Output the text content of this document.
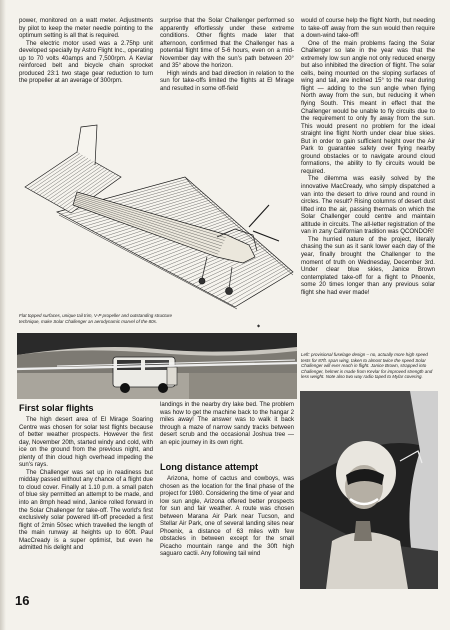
power, monitored on a watt meter. Adjustments by pilot to keep the meter needle pointing to the optimum setting is all that is required.

The electric motor used was a 2.75hp unit developed specially by Astro Flight Inc., operating up to 70 volts 40amps and 7,500rpm. A Kevlar reinforced belt and bicycle chain sprocket produced 23:1 two stage gear reduction to turn the propeller at an average of 300rpm.

surprise that the Solar Challenger performed so apparently effortlessly under these extreme conditions. Other flights made later that afternoon, confirmed that the Challenger has a potential flight time of 5-6 hours, even on a mid-November day with the sun's path between 20° and 35° above the horizon.

High winds and bad direction in relation to the sun for take-offs limited the flights at El Mirage and resulted in some off-field

would of course help the flight North, but needing to take-off away from the sun would then require a down-wind take-off!

One of the main problems facing the Solar Challenger so late in the year was that the extremely low sun angle not only reduced energy but also inhibited the direction of flight. The solar cells, being mounted on the sloping surfaces of wing and tail, are inclined 15° to the rear during flight — adding to the sun angle when flying North away from the sun, but reducing it when flying South. This meant in effect that the Challenger would be unable to fly circuits due to the requirement to only fly away from the sun. This would present no problem for the ideal straight line flight North under clear blue skies. But in order to gain sufficient height over the Air Park to guarantee safety over flying nearby ground obstacles or to navigate around cloud formations, the ability to fly circuits would be required.

The dilemma was easily solved by the innovative MacCready, who simply dispatched a van into the desert to drive round and round in circles. The result? Rising columns of desert dust lifted into the air, passing thermals on which the Solar Challenger could centre and maintain altitude in circuits. The all-letter registration of the van in zany Californian tradition was QCONDOR!

The hurried nature of the project, literally chasing the sun as it sank lower each day of the year, finally brought the Challenger to the moment of truth on Wednesday, December 3rd. Under clear blue skies, Janice Brown contemplated take-off for a flight to Phoenix, some 20 times longer than any previous solar flight she had ever made!

◆

Flat topped surfaces, unique tail trim, V-P propeller and outstanding structure technique, make Solar Challenger an aerodynamic marvel of the 80s.

Left: provisional fuselage design – no, actually more high speed tests for 87ft. span wing, taken to almost twice the speed Solar Challenger will ever reach in flight. Janice Brown, strapped into Challenger, helmet is made from Kevlar for improved strength and less weight. Note also two way radio taped to Mylar covering.

First solar flights

The high desert area of El Mirage Soaring Centre was chosen for solar test flights because of better weather prospects. However the first day, November 20th, started windy and cold, with ice on the ground from the previous night, and plenty of thin cloud high overhead impeding the sun's rays.

The Challenger was set up in readiness but midday passed without any chance of a flight due to cloud cover. Finally at 1.10 p.m. a small patch of blue sky permitted an attempt to be made, and into an 8mph head wind, Janice rolled forward in the Solar Challenger for take-off. The world's first exclusively solar powered lift-off preceded a first flight of 2min 50sec which travelled the length of the main runway at heights up to 60ft. Paul MacCready is a super optimist, but even he admitted his delight and

landings in the nearby dry lake bed. The problem was how to get the machine back to the hangar 2 miles away! The answer was to walk it back through a maze of narrow sandy tracks between desert scrub and the occasional Joshua tree — an epic journey in its own right.

Long distance attempt

Arizona, home of cactus and cowboys, was chosen as the location for the final phase of the project for 1980. Considering the time of year and low sun angle, Arizona offered better prospects for sun and fair weather. A route was chosen between Marana Air Park near Tucson, and Stellar Air Park, one of several landing sites near Phoenix, a distance of 63 miles with few obstacles in between except for the small Picacho mountain range and the 30ft high saguaro cactii. Any following tail wind

16
